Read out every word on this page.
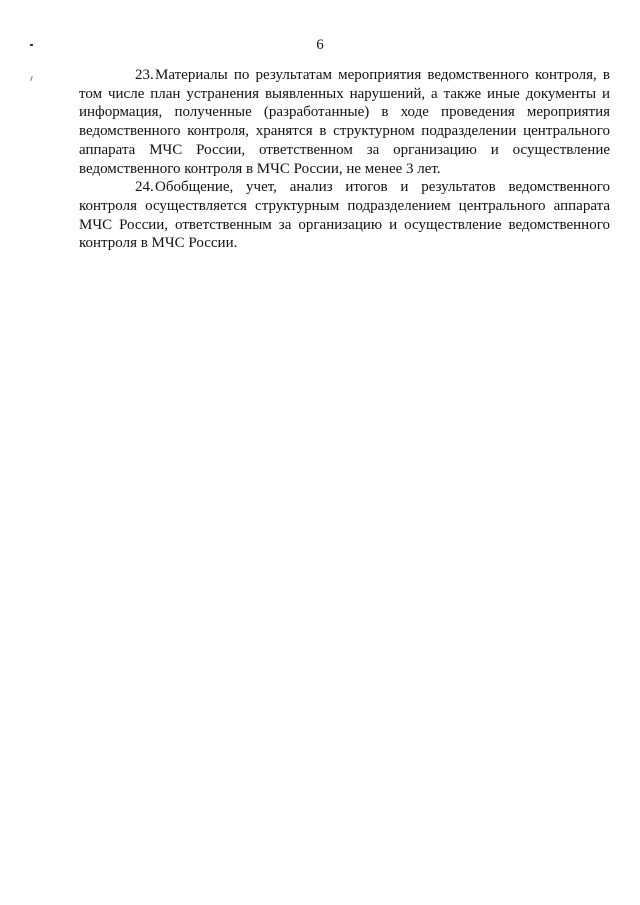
6

23.Материалы по результатам мероприятия ведомственного контроля, в том числе план устранения выявленных нарушений, а также иные документы и информация, полученные (разработанные) в ходе проведения мероприятия ведомственного контроля, хранятся в структурном подразделении центрального аппарата МЧС России, ответственном за организацию и осуществление ведомственного контроля в МЧС России, не менее 3 лет.

24.Обобщение, учет, анализ итогов и результатов ведомственного контроля осуществляется структурным подразделением центрального аппарата МЧС России, ответственным за организацию и осуществление ведомственного контроля в МЧС России.
